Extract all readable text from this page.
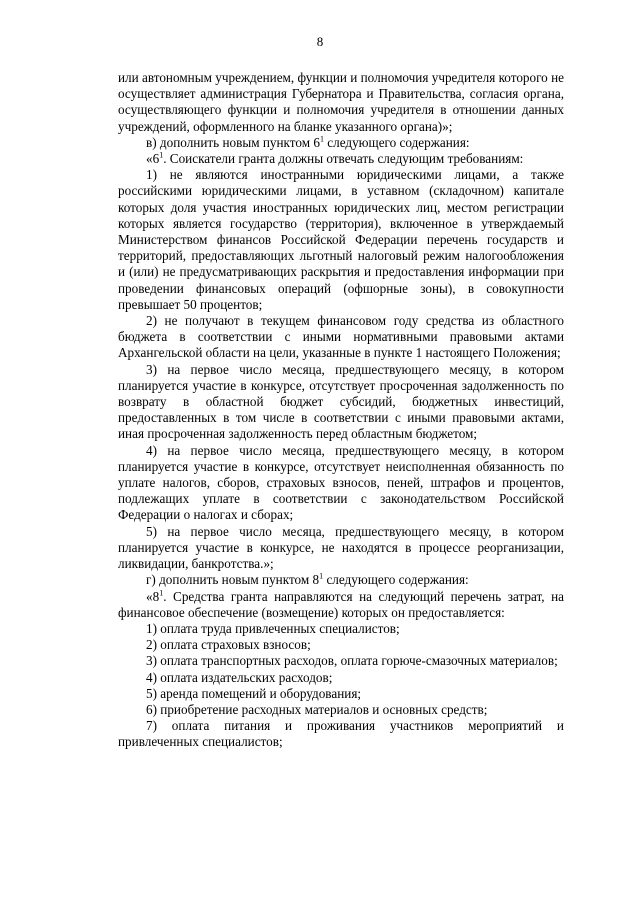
8

или автономным учреждением, функции и полномочия учредителя которого не осуществляет администрация Губернатора и Правительства, согласия органа, осуществляющего функции и полномочия учредителя в отношении данных учреждений, оформленного на бланке указанного органа)»;

в) дополнить новым пунктом $6^1$ следующего содержания:

«$6^1$. Соискатели гранта должны отвечать следующим требованиям:

1) не являются иностранными юридическими лицами, а также российскими юридическими лицами, в уставном (складочном) капитале которых доля участия иностранных юридических лиц, местом регистрации которых является государство (территория), включенное в утверждаемый Министерством финансов Российской Федерации перечень государств и территорий, предоставляющих льготный налоговый режим налогообложения и (или) не предусматривающих раскрытия и предоставления информации при проведении финансовых операций (офшорные зоны), в совокупности превышает 50 процентов;

2) не получают в текущем финансовом году средства из областного бюджета в соответствии с иными нормативными правовыми актами Архангельской области на цели, указанные в пункте 1 настоящего Положения;

3) на первое число месяца, предшествующего месяцу, в котором планируется участие в конкурсе, отсутствует просроченная задолженность по возврату в областной бюджет субсидий, бюджетных инвестиций, предоставленных в том числе в соответствии с иными правовыми актами, иная просроченная задолженность перед областным бюджетом;

4) на первое число месяца, предшествующего месяцу, в котором планируется участие в конкурсе, отсутствует неисполненная обязанность по уплате налогов, сборов, страховых взносов, пеней, штрафов и процентов, подлежащих уплате в соответствии с законодательством Российской Федерации о налогах и сборах;

5) на первое число месяца, предшествующего месяцу, в котором планируется участие в конкурсе, не находятся в процессе реорганизации, ликвидации, банкротства.»;

г) дополнить новым пунктом $8^1$ следующего содержания:

«$8^1$. Средства гранта направляются на следующий перечень затрат, на финансовое обеспечение (возмещение) которых он предоставляется:

1) оплата труда привлеченных специалистов;

2) оплата страховых взносов;

3) оплата транспортных расходов, оплата горюче-смазочных материалов;

4) оплата издательских расходов;

5) аренда помещений и оборудования;

6) приобретение расходных материалов и основных средств;

7) оплата питания и проживания участников мероприятий и привлеченных специалистов;
